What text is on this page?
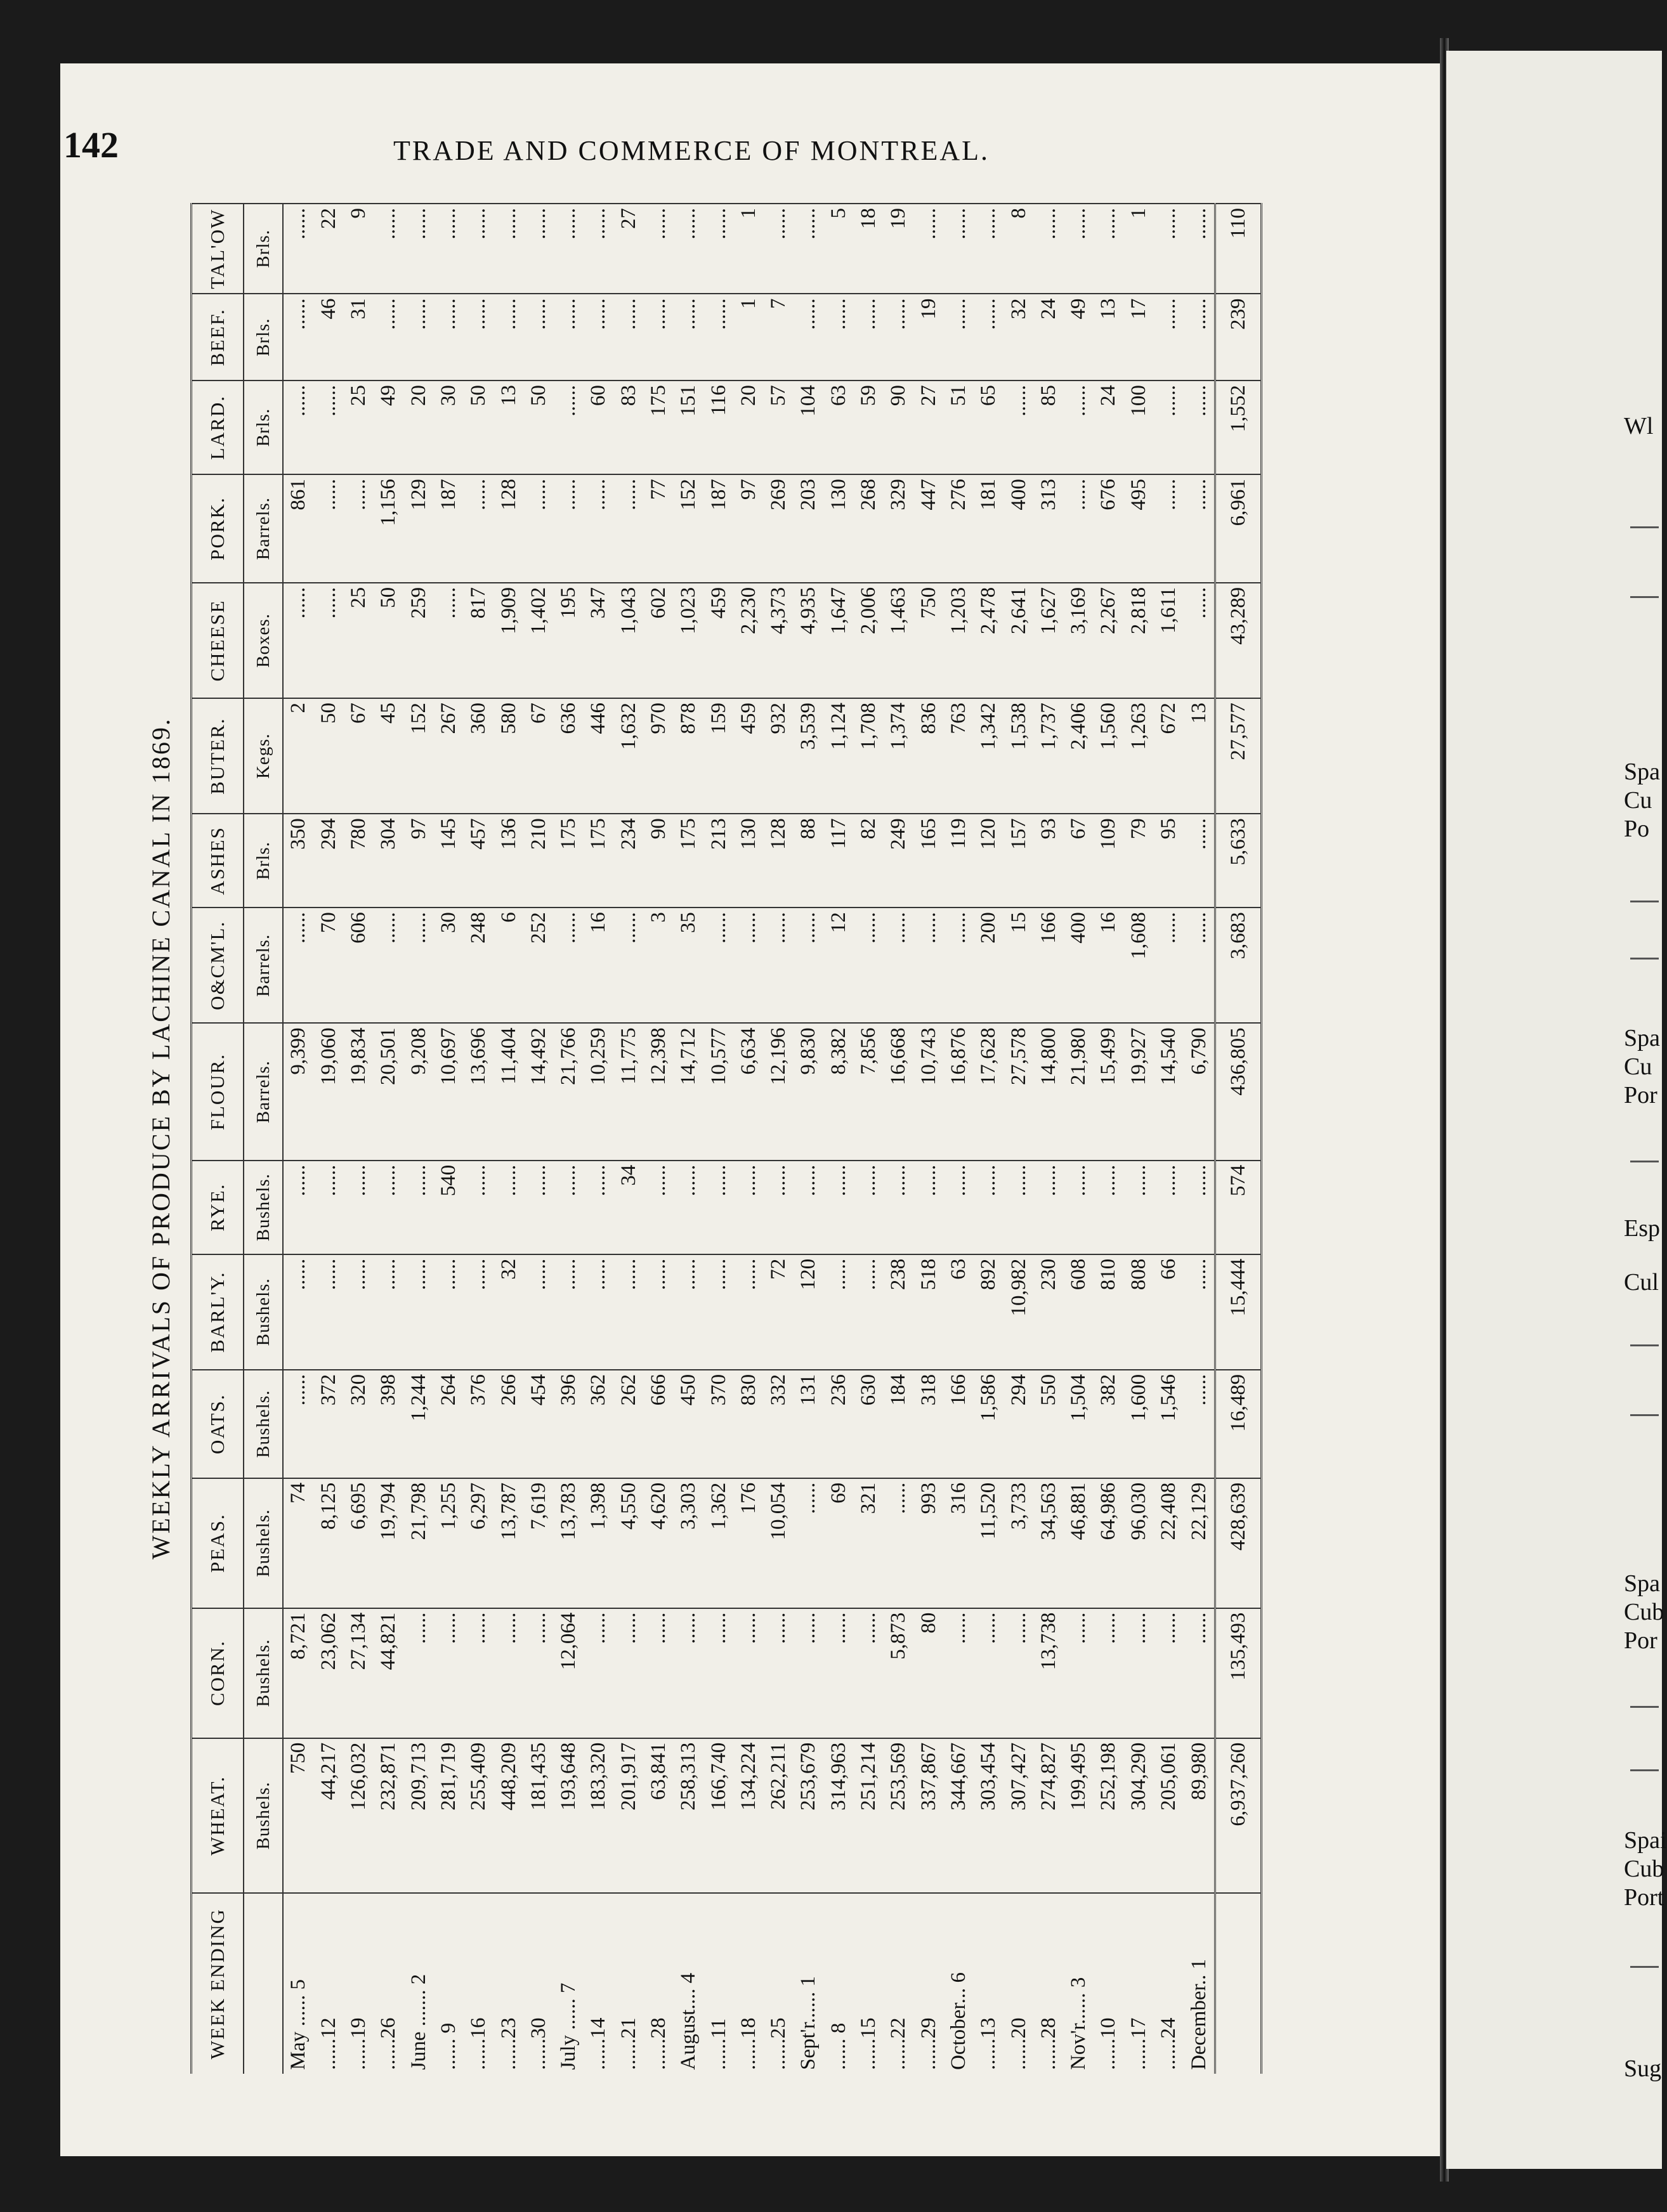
142	TRADE AND COMMERCE OF MONTREAL.
WEEKLY ARRIVALS OF PRODUCE BY LACHINE CANAL IN 1869.
WEEK ENDING	WHEAT.	CORN.	PEAS.	OATS.	BARL'Y.	RYE.	FLOUR.	O&CM'L.	ASHES	BUTER.	CHEESE	PORK.	LARD.	BEEF.	TAL'OW
	Bushels.	Bushels.	Bushels.	Bushels.	Bushels.	Bushels.	Barrels.	Barrels.	Brls.	Kegs.	Boxes.	Barrels.	Brls.	Brls.	Brls.
May ...... 5	750	8,721	74	......	......	......	9,399	......	350	2	......	861	......	......	......
......12	44,217	23,062	8,125	372	......	......	19,060	70	294	50	......	......	......	46	22
......19	126,032	27,134	6,695	320	......	......	19,834	606	780	67	25	......	25	31	9
......26	232,871	44,821	19,794	398	......	......	20,501	......	304	45	50	1,156	49	......	......
June ....... 2	209,713	......	21,798	1,244	......	......	9,208	......	97	152	259	129	20	......	......
...... 9	281,719	......	1,255	264	......	540	10,697	30	145	267	......	187	30	......	......
......16	255,409	......	6,297	376	......	......	13,696	248	457	360	817	......	50	......	......
......23	448,209	......	13,787	266	32	......	11,404	6	136	580	1,909	128	13	......	......
......30	181,435	......	7,619	454	......	......	14,492	252	210	67	1,402	......	50	......	......
July ...... 7	193,648	12,064	13,783	396	......	......	21,766	......	175	636	195	......	......	......	......
......14	183,320	......	1,398	362	......	......	10,259	16	175	446	347	......	60	......	......
......21	201,917	......	4,550	262	......	34	11,775	......	234	1,632	1,043	......	83	......	27
......28	63,841	......	4,620	666	......	......	12,398	3	90	970	602	77	175	......	......
August.... 4	258,313	......	3,303	450	......	......	14,712	35	175	878	1,023	152	151	......	......
......11	166,740	......	1,362	370	......	......	10,577	......	213	159	459	187	116	......	......
......18	134,224	......	176	830	......	......	6,634	......	130	459	2,230	97	20	1	1
......25	262,211	......	10,054	332	72	......	12,196	......	128	932	4,373	269	57	7	......
Sept'r...... 1	253,679	......	......	131	120	......	9,830	......	88	3,539	4,935	203	104	......	......
...... 8	314,963	......	69	236	......	......	8,382	12	117	1,124	1,647	130	63	......	5
......15	251,214	......	321	630	......	......	7,856	......	82	1,708	2,006	268	59	......	18
......22	253,569	5,873	......	184	238	......	16,668	......	249	1,374	1,463	329	90	......	19
......29	337,867	80	993	318	518	......	10,743	......	165	836	750	447	27	19	......
October... 6	344,667	......	316	166	63	......	16,876	......	119	763	1,203	276	51	......	......
......13	303,454	......	11,520	1,586	892	......	17,628	200	120	1,342	2,478	181	65	......	......
......20	307,427	......	3,733	294	10,982	......	27,578	15	157	1,538	2,641	400	......	32	8
......28	274,827	13,738	34,563	550	230	......	14,800	166	93	1,737	1,627	313	85	24	......
Nov'r...... 3	199,495	......	46,881	1,504	608	......	21,980	400	67	2,406	3,169	......	......	49	......
......10	252,198	......	64,986	382	810	......	15,499	16	109	1,560	2,267	676	24	13	......
......17	304,290	......	96,030	1,600	808	......	19,927	1,608	79	1,263	2,818	495	100	17	1
......24	205,061	......	22,408	1,546	66	......	14,540	......	95	672	1,611	......	......	......	......
December.. 1	89,980	......	22,129	......	......	......	6,790	......	......	13	......	......	......	......	......
	6,937,260	135,493	428,639	16,489	15,444	574	436,805	3,683	5,633	27,577	43,289	6,961	1,552	239	110
Wl
Spa
Cu
Po
Spa
Cu
Por
Esp
Cul
Spa
Cub
Por
Spai
Cub
Port
Sug
